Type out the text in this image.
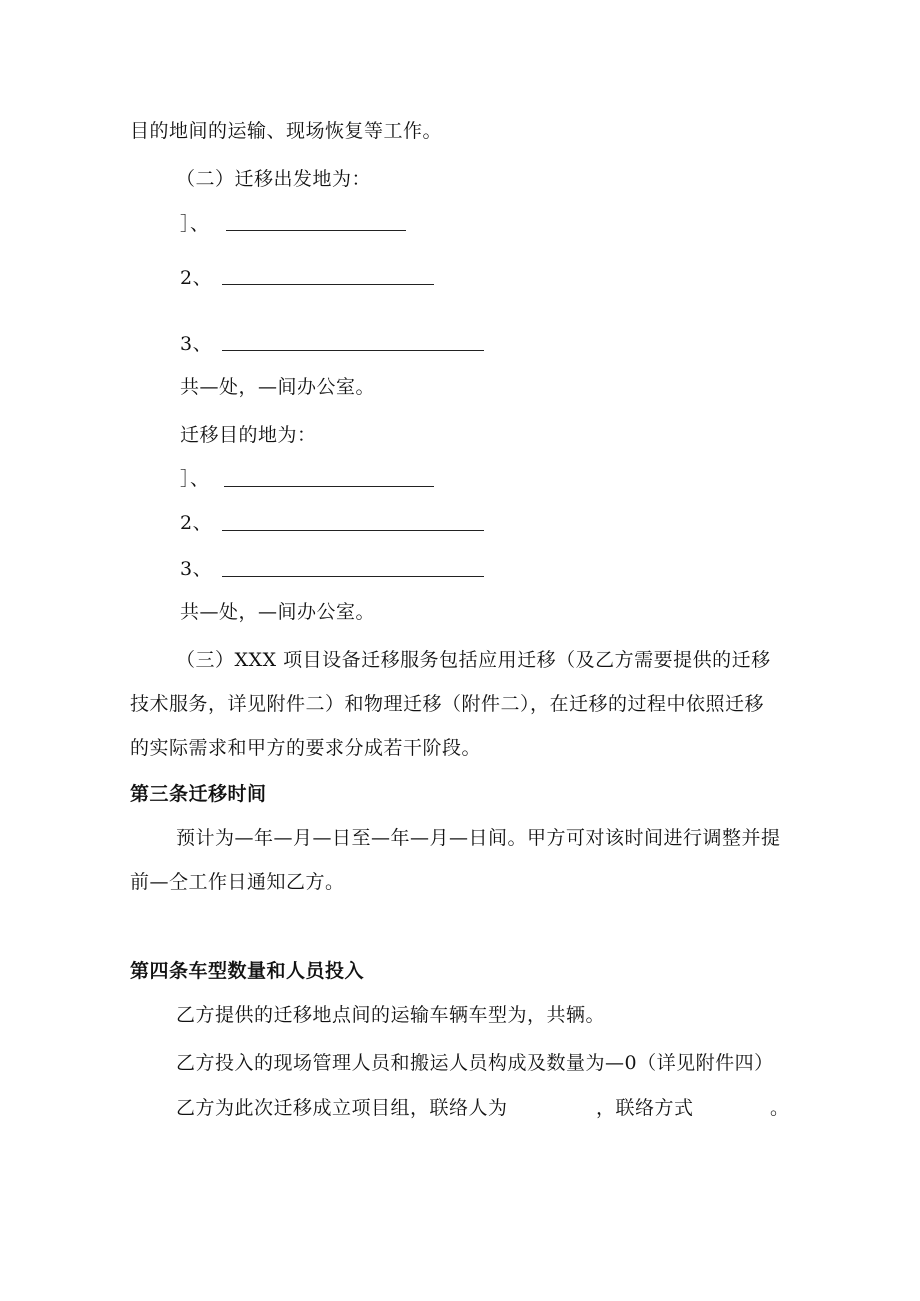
目的地间的运输、现场恢复等工作。
（二）迁移出发地为：
］、
2、
3、
共—处，—间办公室。
迁移目的地为：
］、
2、
3、
共—处，—间办公室。
（三）XXX 项目设备迁移服务包括应用迁移（及乙方需要提供的迁移
技术服务，详见附件二）和物理迁移（附件二），在迁移的过程中依照迁移
的实际需求和甲方的要求分成若干阶段。
第三条迁移时间
预计为—年—月—日至—年—月—日间。甲方可对该时间进行调整并提
前—仝工作日通知乙方。
第四条车型数量和人员投入
乙方提供的迁移地点间的运输车辆车型为，共辆。
乙方投入的现场管理人员和搬运人员构成及数量为—0（详见附件四）
乙方为此次迁移成立项目组，联络人为	，联络方式	。
